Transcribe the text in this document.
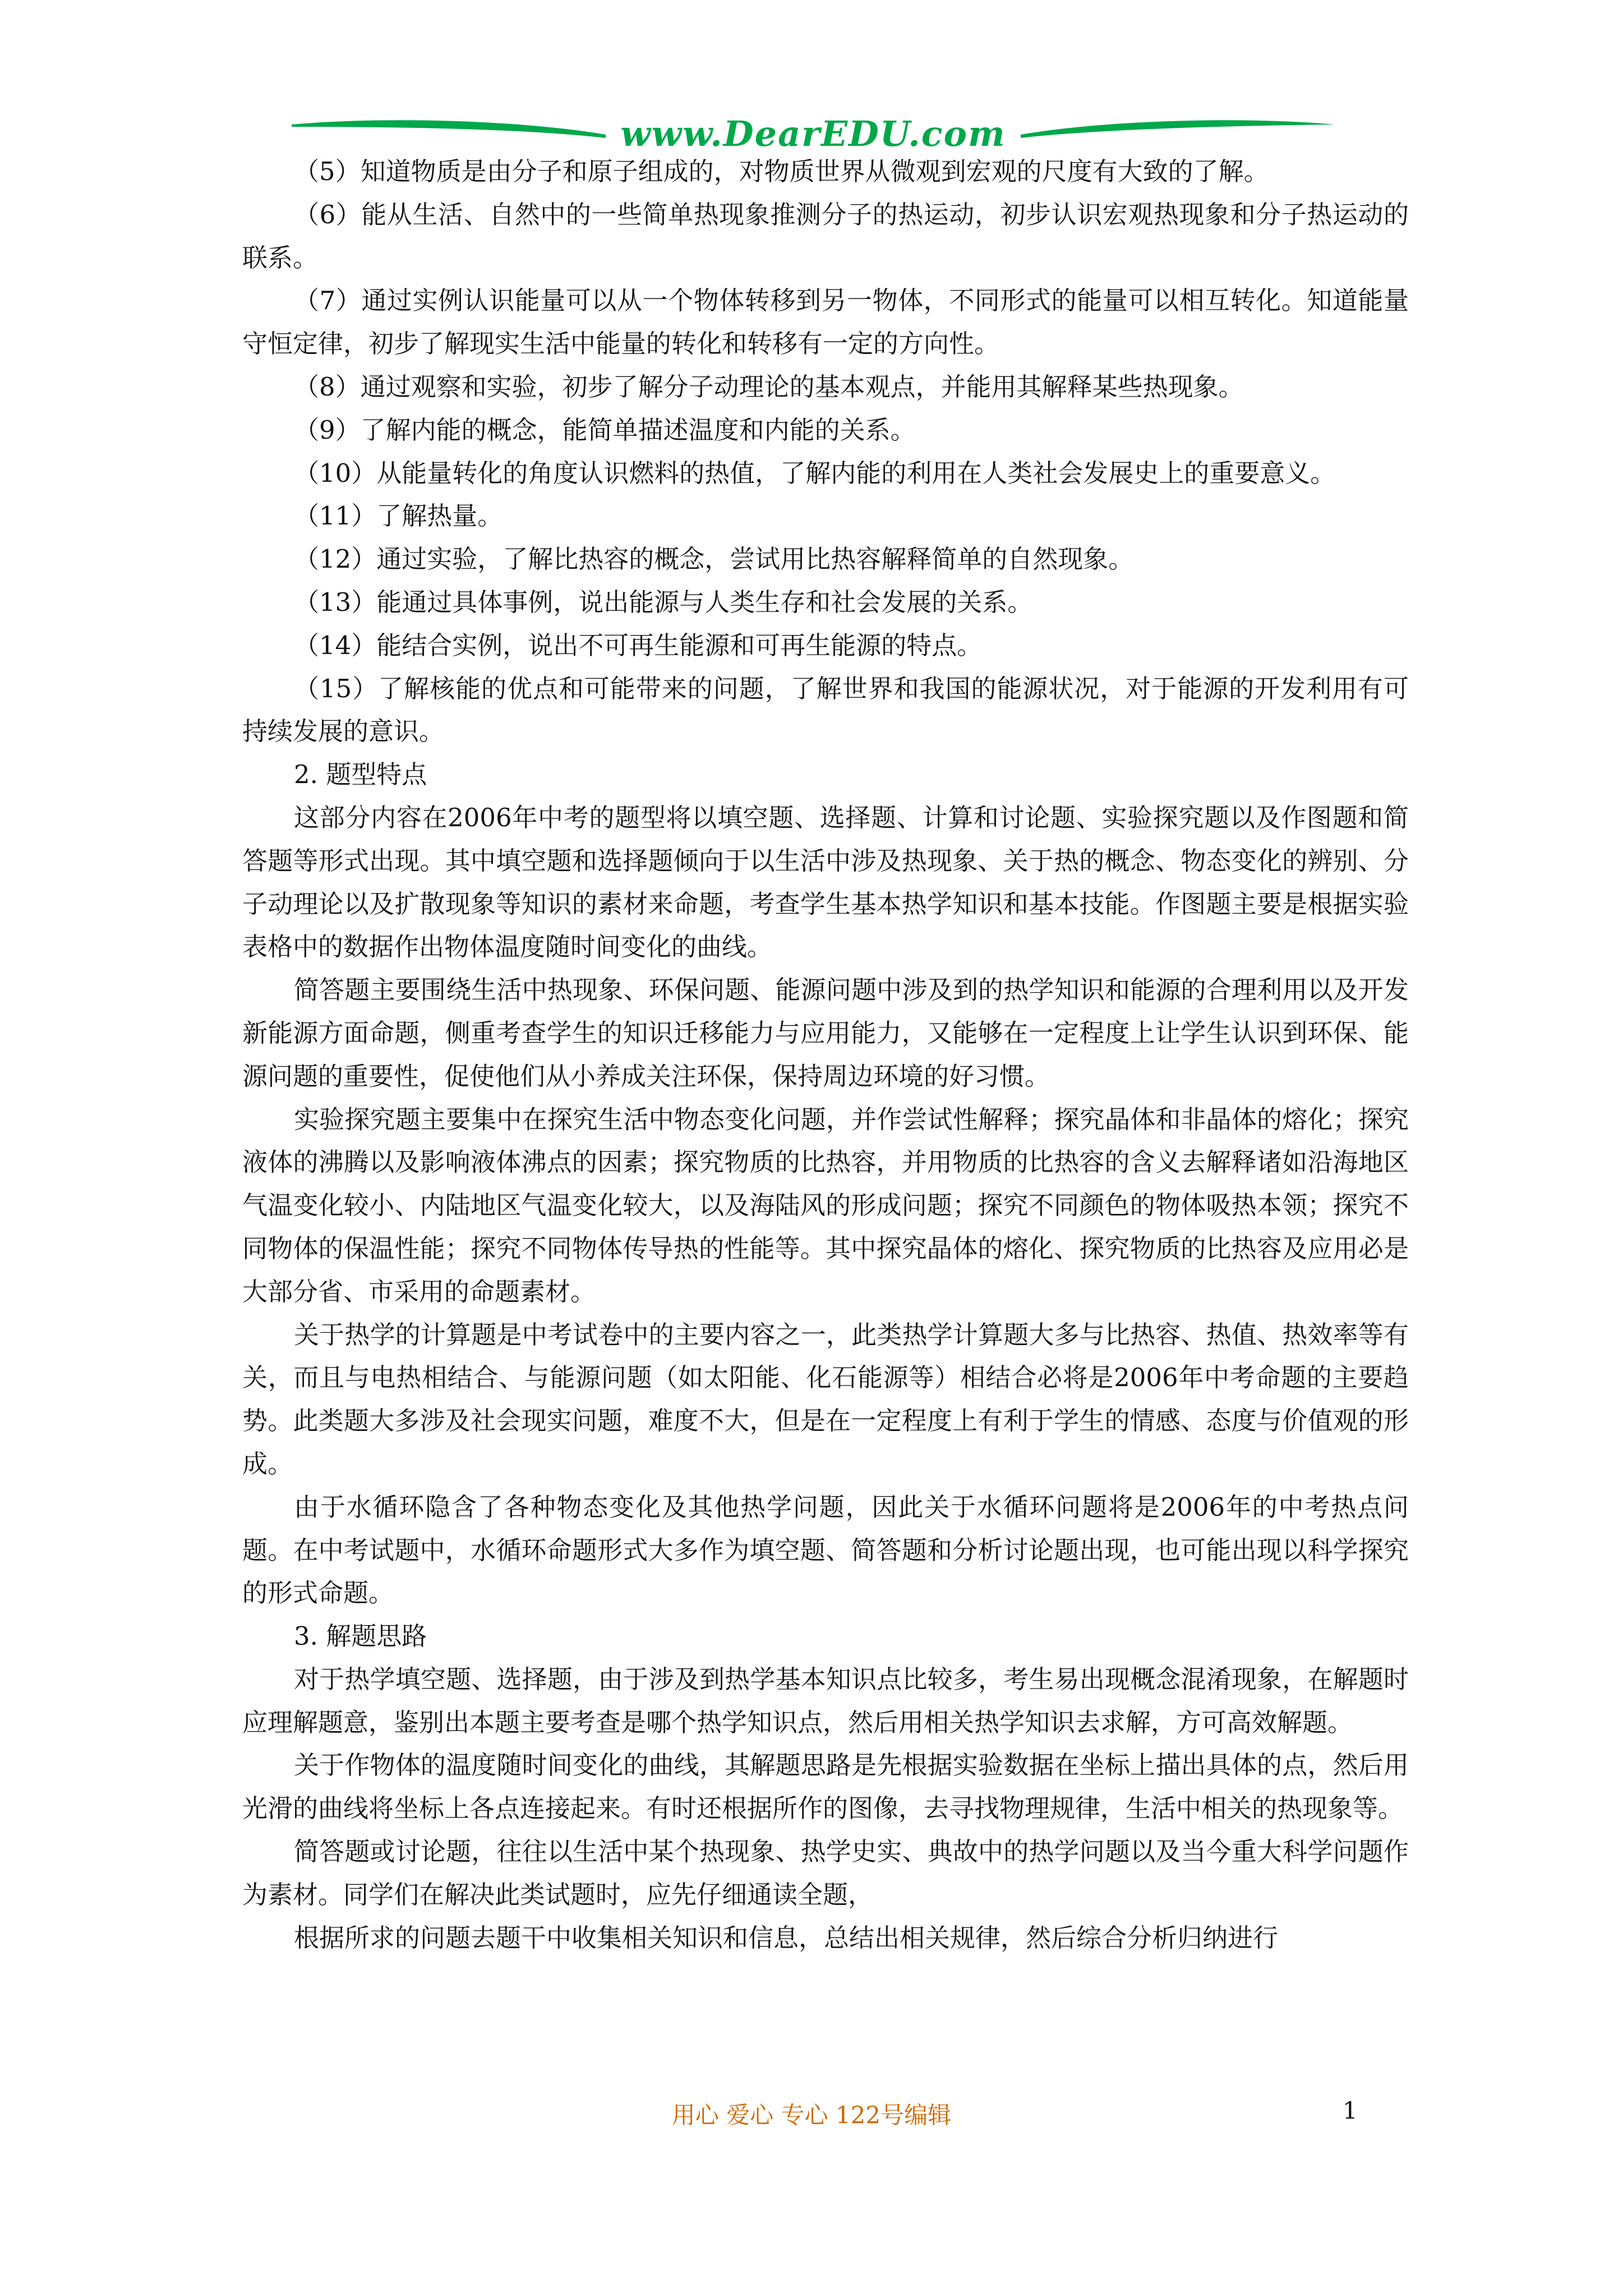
www.DearEDU.com

（5）知道物质是由分子和原子组成的，对物质世界从微观到宏观的尺度有大致的了解。

（6）能从生活、自然中的一些简单热现象推测分子的热运动，初步认识宏观热现象和分子热运动的联系。

（7）通过实例认识能量可以从一个物体转移到另一物体，不同形式的能量可以相互转化。知道能量守恒定律，初步了解现实生活中能量的转化和转移有一定的方向性。

（8）通过观察和实验，初步了解分子动理论的基本观点，并能用其解释某些热现象。

（9）了解内能的概念，能简单描述温度和内能的关系。

（10）从能量转化的角度认识燃料的热值，了解内能的利用在人类社会发展史上的重要意义。

（11）了解热量。

（12）通过实验，了解比热容的概念，尝试用比热容解释简单的自然现象。

（13）能通过具体事例，说出能源与人类生存和社会发展的关系。

（14）能结合实例，说出不可再生能源和可再生能源的特点。

（15）了解核能的优点和可能带来的问题，了解世界和我国的能源状况，对于能源的开发利用有可持续发展的意识。

2. 题型特点

这部分内容在2006年中考的题型将以填空题、选择题、计算和讨论题、实验探究题以及作图题和简答题等形式出现。其中填空题和选择题倾向于以生活中涉及热现象、关于热的概念、物态变化的辨别、分子动理论以及扩散现象等知识的素材来命题，考查学生基本热学知识和基本技能。作图题主要是根据实验表格中的数据作出物体温度随时间变化的曲线。

简答题主要围绕生活中热现象、环保问题、能源问题中涉及到的热学知识和能源的合理利用以及开发新能源方面命题，侧重考查学生的知识迁移能力与应用能力，又能够在一定程度上让学生认识到环保、能源问题的重要性，促使他们从小养成关注环保，保持周边环境的好习惯。

实验探究题主要集中在探究生活中物态变化问题，并作尝试性解释；探究晶体和非晶体的熔化；探究液体的沸腾以及影响液体沸点的因素；探究物质的比热容，并用物质的比热容的含义去解释诸如沿海地区气温变化较小、内陆地区气温变化较大，以及海陆风的形成问题；探究不同颜色的物体吸热本领；探究不同物体的保温性能；探究不同物体传导热的性能等。其中探究晶体的熔化、探究物质的比热容及应用必是大部分省、市采用的命题素材。

关于热学的计算题是中考试卷中的主要内容之一，此类热学计算题大多与比热容、热值、热效率等有关，而且与电热相结合、与能源问题（如太阳能、化石能源等）相结合必将是2006年中考命题的主要趋势。此类题大多涉及社会现实问题，难度不大，但是在一定程度上有利于学生的情感、态度与价值观的形成。

由于水循环隐含了各种物态变化及其他热学问题，因此关于水循环问题将是2006年的中考热点问题。在中考试题中，水循环命题形式大多作为填空题、简答题和分析讨论题出现，也可能出现以科学探究的形式命题。

3. 解题思路

对于热学填空题、选择题，由于涉及到热学基本知识点比较多，考生易出现概念混淆现象，在解题时应理解题意，鉴别出本题主要考查是哪个热学知识点，然后用相关热学知识去求解，方可高效解题。

关于作物体的温度随时间变化的曲线，其解题思路是先根据实验数据在坐标上描出具体的点，然后用光滑的曲线将坐标上各点连接起来。有时还根据所作的图像，去寻找物理规律，生活中相关的热现象等。

简答题或讨论题，往往以生活中某个热现象、热学史实、典故中的热学问题以及当今重大科学问题作为素材。同学们在解决此类试题时，应先仔细通读全题，

根据所求的问题去题干中收集相关知识和信息，总结出相关规律，然后综合分析归纳进行

用心 爱心 专心 122号编辑	1
